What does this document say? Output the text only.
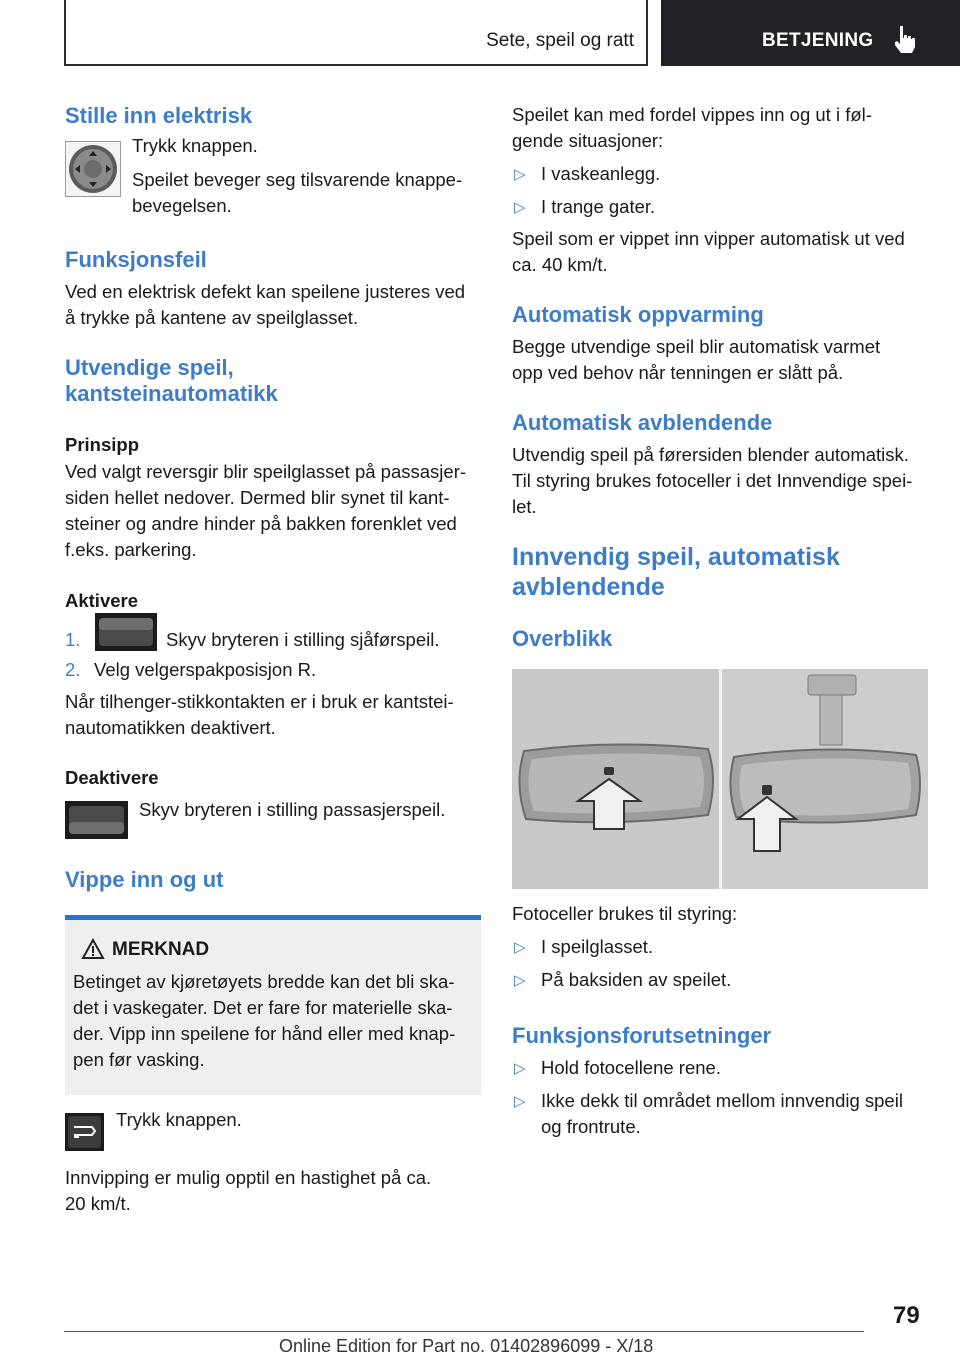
Sete, speil og ratt	BETJENING
Stille inn elektrisk

Trykk knappen.

Speilet beveger seg tilsvarende knappe-

bevegelsen.

Funksjonsfeil

Ved en elektrisk defekt kan speilene justeres ved

å trykke på kantene av speilglasset.

Utvendige speil,
kantsteinautomatikk
Prinsipp

Ved valgt reversgir blir speilglasset på passasjer-

siden hellet nedover. Dermed blir synet til kant-

steiner og andre hinder på bakken forenklet ved

f.eks. parkering.

Aktivere
1.	Skyv bryteren i stilling sjåførspeil.
2. Velg velgerspakposisjon R.

Når tilhenger-stikkontakten er i bruk er kantstei-

nautomatikken deaktivert.

Deaktivere

Skyv bryteren i stilling passasjerspeil.

Vippe inn og ut
MERKNAD

Betinget av kjøretøyets bredde kan det bli ska-

det i vaskegater. Det er fare for materielle ska-

der. Vipp inn speilene for hånd eller med knap-

pen før vasking.

Trykk knappen.

Innvipping er mulig opptil en hastighet på ca.

20 km/t.

Speilet kan med fordel vippes inn og ut i føl-

gende situasjoner:

▷ I vaskeanlegg.
▷ I trange gater.

Speil som er vippet inn vipper automatisk ut ved

ca. 40 km/t.

Automatisk oppvarming

Begge utvendige speil blir automatisk varmet

opp ved behov når tenningen er slått på.

Automatisk avblendende

Utvendig speil på førersiden blender automatisk.

Til styring brukes fotoceller i det Innvendige spei-

let.

Innvendig speil, automatisk
avblendende
Overblikk

Fotoceller brukes til styring:

▷ I speilglasset.
▷ På baksiden av speilet.
Funksjonsforutsetninger
▷ Hold fotocellene rene.
▷ Ikke dekk til området mellom innvendig speil
og frontrute.
79
Online Edition for Part no. 01402896099 - X/18
